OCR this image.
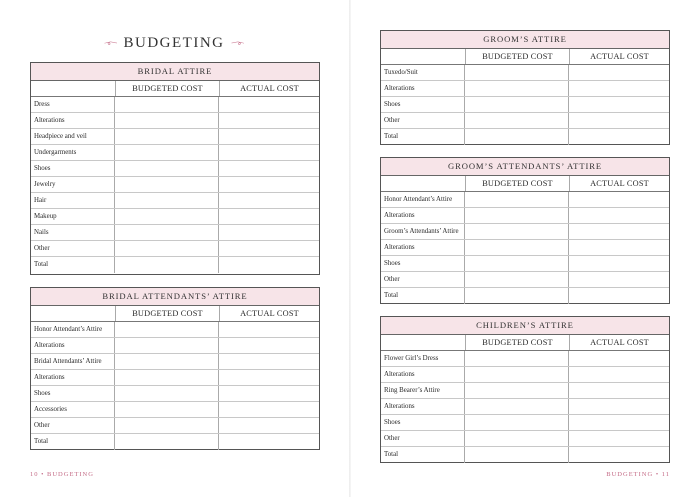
BUDGETING
BRIDAL ATTIRE
BUDGETED COST	ACTUAL COST
Dress
Alterations
Headpiece and veil
Undergarments
Shoes
Jewelry
Hair
Makeup
Nails
Other
Total
BRIDAL ATTENDANTS’ ATTIRE
BUDGETED COST	ACTUAL COST
Honor Attendant’s Attire
Alterations
Bridal Attendants’ Attire
Alterations
Shoes
Accessories
Other
Total
10 • BUDGETING
GROOM’S ATTIRE
BUDGETED COST	ACTUAL COST
Tuxedo/Suit
Alterations
Shoes
Other
Total
GROOM’S ATTENDANTS’ ATTIRE
BUDGETED COST	ACTUAL COST
Honor Attendant’s Attire
Alterations
Groom’s Attendants’ Attire
Alterations
Shoes
Other
Total
CHILDREN’S ATTIRE
BUDGETED COST	ACTUAL COST
Flower Girl’s Dress
Alterations
Ring Bearer’s Attire
Alterations
Shoes
Other
Total
BUDGETING • 11
